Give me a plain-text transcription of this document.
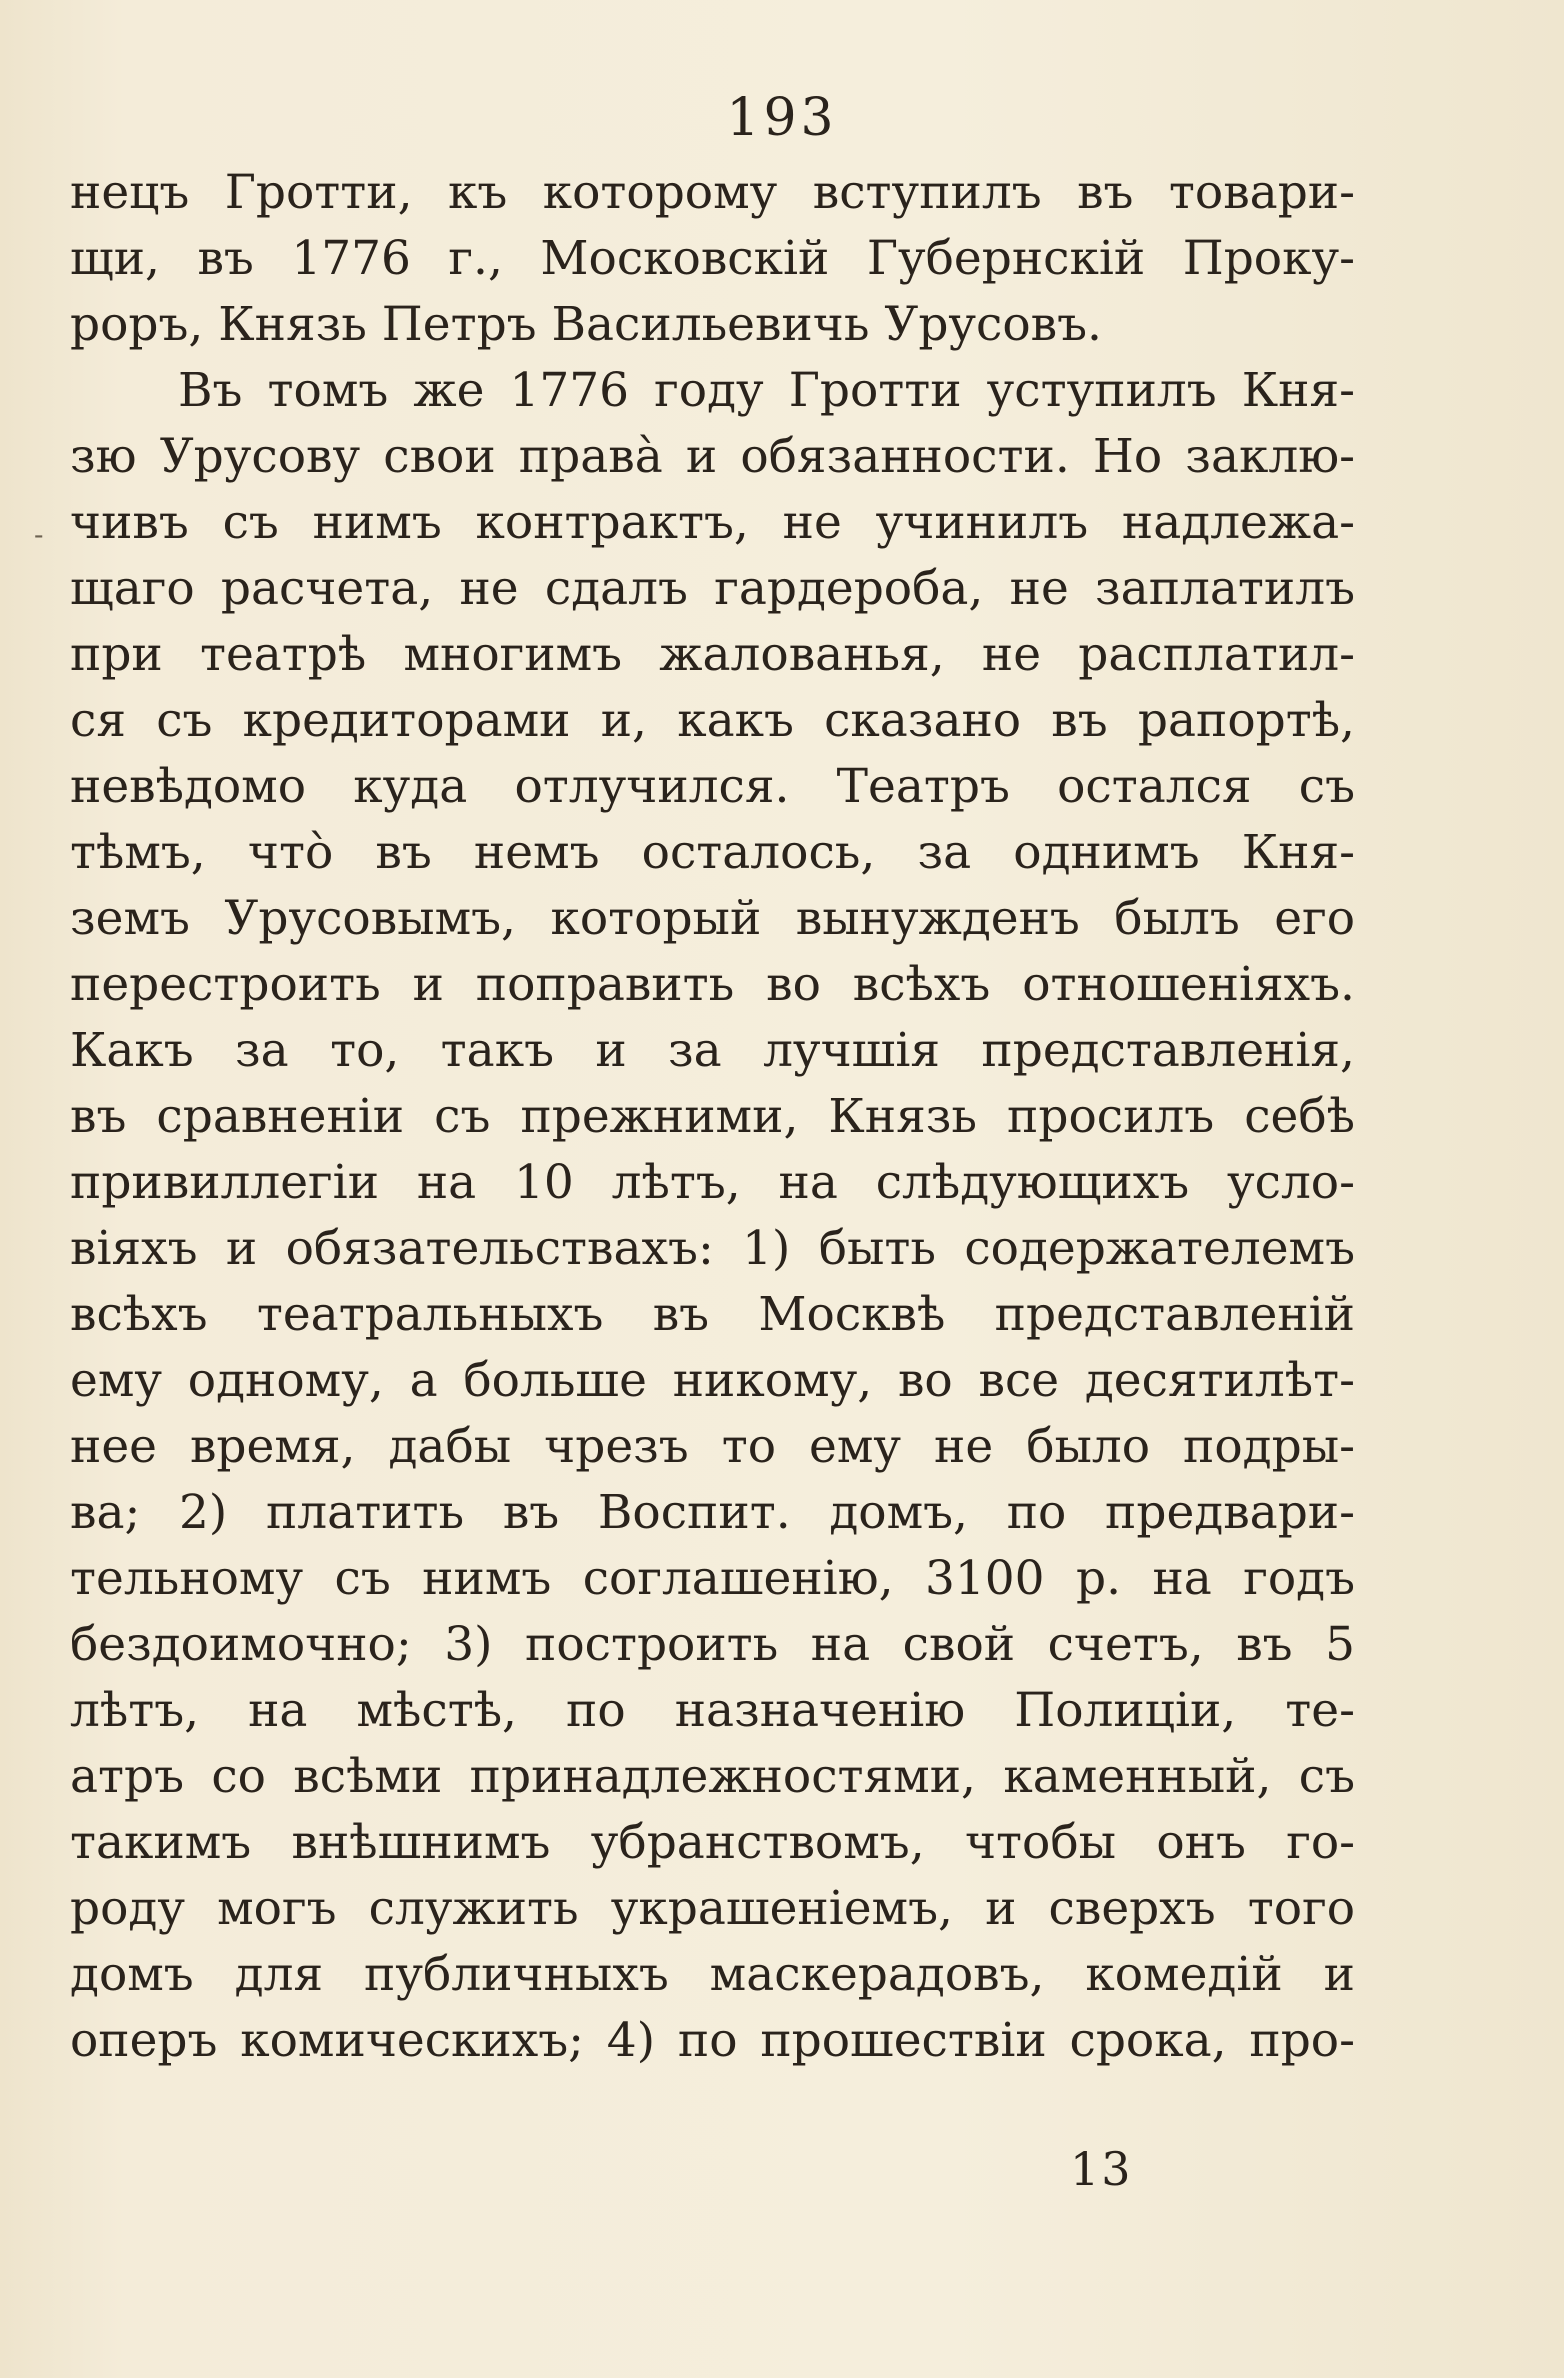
193
-
нецъ Гротти, къ которому вступилъ въ товари-
щи, въ 1776 г., Московскій Губернскій Проку-
роръ, Князь Петръ Васильевичь Урусовъ.
Въ томъ же 1776 году Гротти уступилъ Кня-
зю Урусову свои правà и обязанности. Но заклю-
чивъ съ нимъ контрактъ, не учинилъ надлежа-
щаго расчета, не сдалъ гардероба, не заплатилъ
при театрѣ многимъ жалованья, не расплатил-
ся съ кредиторами и, какъ сказано въ рапортѣ,
невѣдомо куда отлучился. Театръ остался съ
тѣмъ, что̀ въ немъ осталось, за однимъ Кня-
земъ Урусовымъ, который вынужденъ былъ его
перестроить и поправить во всѣхъ отношеніяхъ.
Какъ за то, такъ и за лучшія представленія,
въ сравненіи съ прежними, Князь просилъ себѣ
привиллегіи на 10 лѣтъ, на слѣдующихъ усло-
віяхъ и обязательствахъ: 1) быть содержателемъ
всѣхъ театральныхъ въ Москвѣ представленій
ему одному, а больше никому, во все десятилѣт-
нее время, дабы чрезъ то ему не было подры-
ва; 2) платить въ Воспит. домъ, по предвари-
тельному съ нимъ соглашенію, 3100 р. на годъ
бездоимочно; 3) построить на свой счетъ, въ 5
лѣтъ, на мѣстѣ, по назначенію Полиціи, те-
атръ со всѣми принадлежностями, каменный, съ
такимъ внѣшнимъ убранствомъ, чтобы онъ го-
роду могъ служить украшеніемъ, и сверхъ того
домъ для публичныхъ маскерадовъ, комедій и
оперъ комическихъ; 4) по прошествіи срока, про-
13
